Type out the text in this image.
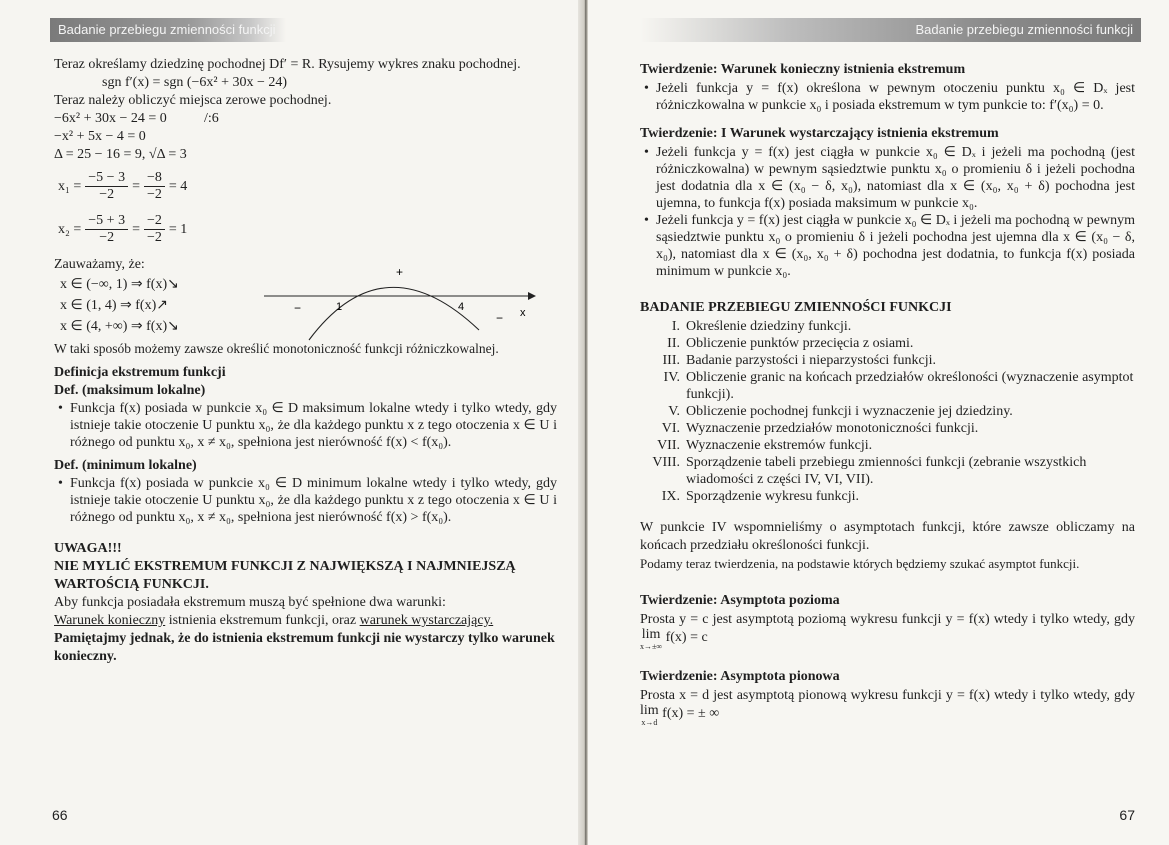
Badanie przebiegu zmienności funkcji

Teraz określamy dziedzinę pochodnej Df′ = R. Rysujemy wykres znaku pochodnej.

sgn f′(x) = sgn (−6x² + 30x − 24)

Teraz należy obliczyć miejsca zerowe pochodnej.

−6x² + 30x − 24 = 0	/:6

−x² + 5x − 4 = 0

Δ = 25 − 16 = 9, √Δ = 3

$x_1 = \frac{-5 - 3}{-2} = \frac{-8}{-2} = 4$
$x_2 = \frac{-5 + 3}{-2} = \frac{-2}{-2} = 1$

Zauważamy, że:

x ∈ (−∞, 1) ⇒ f(x)↘
x ∈ (1, 4) ⇒ f(x)↗
x ∈ (4, +∞) ⇒ f(x)↘
+
−
−
1	4	x

W taki sposób możemy zawsze określić monotoniczność funkcji różniczkowalnej.

Definicja ekstremum funkcji

Def. (maksimum lokalne)

• Funkcja f(x) posiada w punkcie x₀ ∈ D maksimum lokalne wtedy i tylko wtedy, gdy istnieje takie otoczenie U punktu x₀, że dla każdego punktu x z tego otoczenia x ∈ U i różnego od punktu x₀, x ≠ x₀, spełniona jest nierówność f(x) < f(x₀).

Def. (minimum lokalne)

• Funkcja f(x) posiada w punkcie x₀ ∈ D minimum lokalne wtedy i tylko wtedy, gdy istnieje takie otoczenie U punktu x₀, że dla każdego punktu x z tego otoczenia x ∈ U i różnego od punktu x₀, x ≠ x₀, spełniona jest nierówność f(x) > f(x₀).

UWAGA!!!

NIE MYLIĆ EKSTREMUM FUNKCJI Z NAJWIĘKSZĄ I NAJMNIEJSZĄ WARTOŚCIĄ FUNKCJI.

Aby funkcja posiadała ekstremum muszą być spełnione dwa warunki:

Warunek konieczny istnienia ekstremum funkcji, oraz warunek wystarczający.

Pamiętajmy jednak, że do istnienia ekstremum funkcji nie wystarczy tylko warunek konieczny.

66
Badanie przebiegu zmienności funkcji
Twierdzenie: Warunek konieczny istnienia ekstremum
• Jeżeli funkcja y = f(x) określona w pewnym otoczeniu punktu x₀ ∈ Dₓ jest różniczkowalna w punkcie x₀ i posiada ekstremum w tym punkcie to: f′(x₀) = 0.
Twierdzenie: I Warunek wystarczający istnienia ekstremum
• Jeżeli funkcja y = f(x) jest ciągła w punkcie x₀ ∈ Dₓ i jeżeli ma pochodną (jest różniczkowalna) w pewnym sąsiedztwie punktu x₀ o promieniu δ i jeżeli pochodna jest dodatnia dla x ∈ (x₀ − δ, x₀), natomiast dla x ∈ (x₀, x₀ + δ) pochodna jest ujemna, to funkcja f(x) posiada maksimum w punkcie x₀.
• Jeżeli funkcja y = f(x) jest ciągła w punkcie x₀ ∈ Dₓ i jeżeli ma pochodną w pewnym sąsiedztwie punktu x₀ o promieniu δ i jeżeli pochodna jest ujemna dla x ∈ (x₀ − δ, x₀), natomiast dla x ∈ (x₀, x₀ + δ) pochodna jest dodatnia, to funkcja f(x) posiada minimum w punkcie x₀.
BADANIE PRZEBIEGU ZMIENNOŚCI FUNKCJI
I. Określenie dziedziny funkcji.
II. Obliczenie punktów przecięcia z osiami.
III. Badanie parzystości i nieparzystości funkcji.
IV. Obliczenie granic na końcach przedziałów określoności (wyznaczenie asymptot funkcji).
V. Obliczenie pochodnej funkcji i wyznaczenie jej dziedziny.
VI. Wyznaczenie przedziałów monotoniczności funkcji.
VII. Wyznaczenie ekstremów funkcji.
VIII. Sporządzenie tabeli przebiegu zmienności funkcji (zebranie wszystkich wiadomości z części IV, VI, VII).
IX. Sporządzenie wykresu funkcji.

W punkcie IV wspomnieliśmy o asymptotach funkcji, które zawsze obliczamy na końcach przedziału określoności funkcji.

Podamy teraz twierdzenia, na podstawie których będziemy szukać asymptot funkcji.

Twierdzenie: Asymptota pozioma

Prosta y = c jest asymptotą poziomą wykresu funkcji y = f(x) wtedy i tylko wtedy, gdy lim
x→±∞
f(x) = c

Twierdzenie: Asymptota pionowa

Prosta x = d jest asymptotą pionową wykresu funkcji y = f(x) wtedy i tylko wtedy, gdy lim
x→d
f(x) = ± ∞

67
